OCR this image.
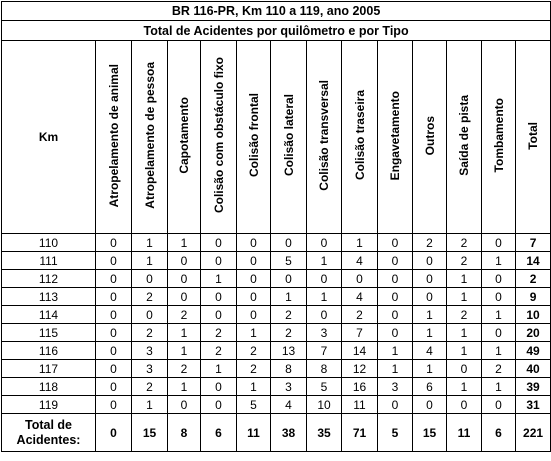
BR 116-PR, Km 110 a 119, ano 2005													
Total de Acidentes por quilômetro e por Tipo													
Km	Atropelamento de animal	Atropelamento de pessoa	Capotamento	Colisão com obstáculo fixo	Colisão frontal	Colisão lateral	Colisão transversal	Colisão traseira	Engavetamento	Outros	Saída de pista	Tombamento	Total
110	0	1	1	0	0	0	0	1	0	2	2	0	7
111	0	1	0	0	0	5	1	4	0	0	2	1	14
112	0	0	0	1	0	0	0	0	0	0	1	0	2
113	0	2	0	0	0	1	1	4	0	0	1	0	9
114	0	0	2	0	0	2	0	2	0	1	2	1	10
115	0	2	1	2	1	2	3	7	0	1	1	0	20
116	0	3	1	2	2	13	7	14	1	4	1	1	49
117	0	3	2	1	2	8	8	12	1	1	0	2	40
118	0	2	1	0	1	3	5	16	3	6	1	1	39
119	0	1	0	0	5	4	10	11	0	0	0	0	31
Total de
Acidentes:	0	15	8	6	11	38	35	71	5	15	11	6	221
